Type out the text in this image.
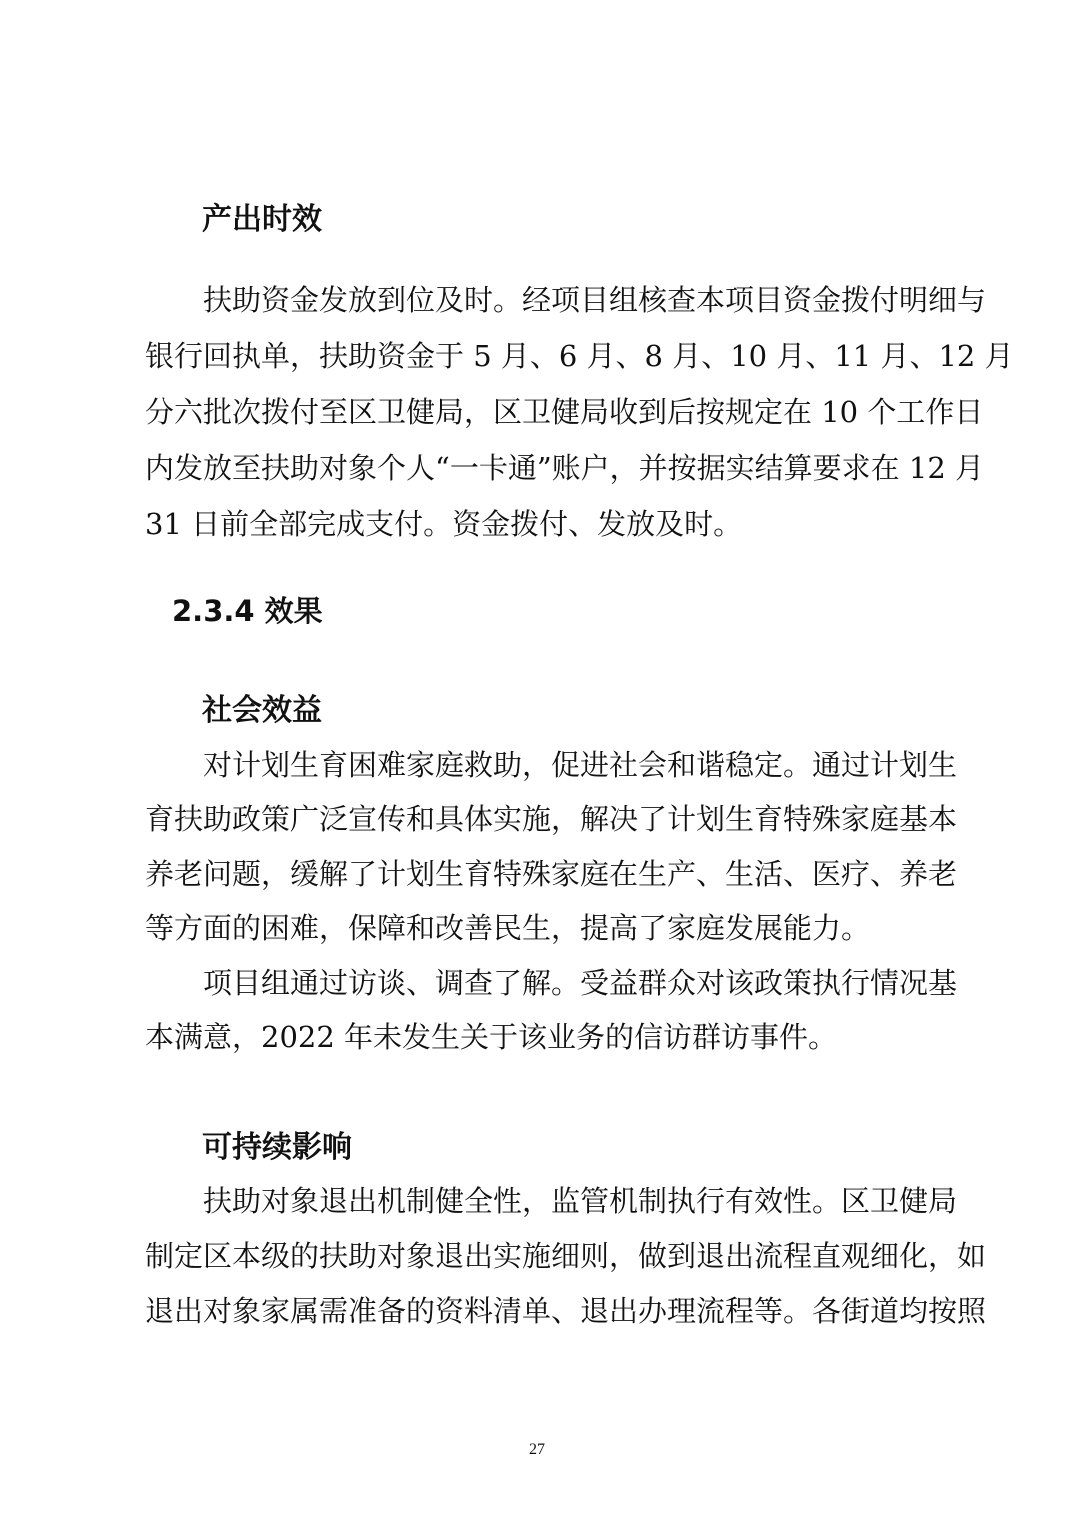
产出时效
扶助资金发放到位及时。经项目组核查本项目资金拨付明细与
银行回执单，扶助资金于 5 月、6 月、8 月、10 月、11 月、12 月
分六批次拨付至区卫健局，区卫健局收到后按规定在 10 个工作日
内发放至扶助对象个人“一卡通”账户，并按据实结算要求在 12 月
31 日前全部完成支付。资金拨付、发放及时。
2.3.4 效果
社会效益
对计划生育困难家庭救助，促进社会和谐稳定。通过计划生
育扶助政策广泛宣传和具体实施，解决了计划生育特殊家庭基本
养老问题，缓解了计划生育特殊家庭在生产、生活、医疗、养老
等方面的困难，保障和改善民生，提高了家庭发展能力。
项目组通过访谈、调查了解。受益群众对该政策执行情况基
本满意，2022 年未发生关于该业务的信访群访事件。
可持续影响
扶助对象退出机制健全性，监管机制执行有效性。区卫健局
制定区本级的扶助对象退出实施细则，做到退出流程直观细化，如
退出对象家属需准备的资料清单、退出办理流程等。各街道均按照
27
